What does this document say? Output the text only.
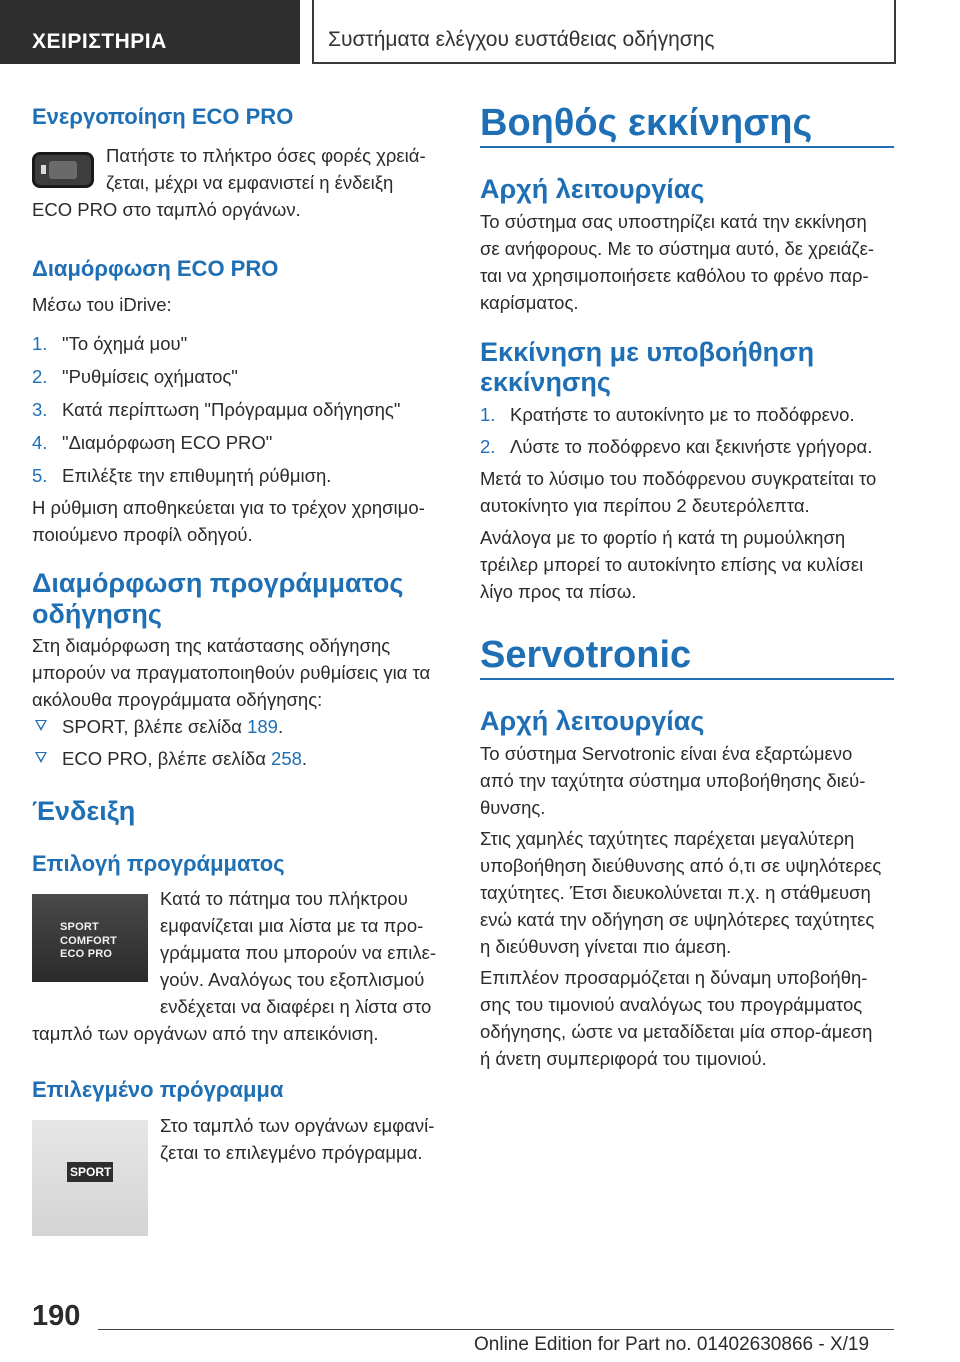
ΧΕΙΡΙΣΤΗΡΙΑ	Συστήματα ελέγχου ευστάθειας οδήγησης
Ενεργοποίηση ECO PRO
Πατήστε το πλήκτρο όσες φορές χρειά-
ζεται, μέχρι να εμφανιστεί η ένδειξη
ECO PRO στο ταμπλό οργάνων.
Διαμόρφωση ECO PRO
Μέσω του iDrive:
1. "Το όχημά μου"
2. "Ρυθμίσεις οχήματος"
3. Κατά περίπτωση "Πρόγραμμα οδήγησης"
4. "Διαμόρφωση ECO PRO"
5. Επιλέξτε την επιθυμητή ρύθμιση.
Η ρύθμιση αποθηκεύεται για το τρέχον χρησιμο-
ποιούμενο προφίλ οδηγού.
Διαμόρφωση προγράμματος
οδήγησης
Στη διαμόρφωση της κατάστασης οδήγησης
μπορούν να πραγματοποιηθούν ρυθμίσεις για τα
ακόλουθα προγράμματα οδήγησης:
SPORT, βλέπε σελίδα 189.
ECO PRO, βλέπε σελίδα 258.
Ένδειξη
Επιλογή προγράμματος
SPORT
COMFORT
ECO PRO
Κατά το πάτημα του πλήκτρου
εμφανίζεται μια λίστα με τα προ-
γράμματα που μπορούν να επιλε-
γούν. Αναλόγως του εξοπλισμού
ενδέχεται να διαφέρει η λίστα στο
ταμπλό των οργάνων από την απεικόνιση.
Επιλεγμένο πρόγραμμα
SPORT
Στο ταμπλό των οργάνων εμφανί-
ζεται το επιλεγμένο πρόγραμμα.
Βοηθός εκκίνησης
Αρχή λειτουργίας
Το σύστημα σας υποστηρίζει κατά την εκκίνηση
σε ανήφορους. Με το σύστημα αυτό, δε χρειάζε-
ται να χρησιμοποιήσετε καθόλου το φρένο παρ-
καρίσματος.
Εκκίνηση με υποβοήθηση
εκκίνησης
1. Κρατήστε το αυτοκίνητο με το ποδόφρενο.
2. Λύστε το ποδόφρενο και ξεκινήστε γρήγορα.
Μετά το λύσιμο του ποδόφρενου συγκρατείται το
αυτοκίνητο για περίπου 2 δευτερόλεπτα.
Ανάλογα με το φορτίο ή κατά τη ρυμούλκηση
τρέιλερ μπορεί το αυτοκίνητο επίσης να κυλίσει
λίγο προς τα πίσω.
Servotronic
Αρχή λειτουργίας
Το σύστημα Servotronic είναι ένα εξαρτώμενο
από την ταχύτητα σύστημα υποβοήθησης διεύ-
θυνσης.
Στις χαμηλές ταχύτητες παρέχεται μεγαλύτερη
υποβοήθηση διεύθυνσης από ό,τι σε υψηλότερες
ταχύτητες. Έτσι διευκολύνεται π.χ. η στάθμευση
ενώ κατά την οδήγηση σε υψηλότερες ταχύτητες
η διεύθυνση γίνεται πιο άμεση.
Επιπλέον προσαρμόζεται η δύναμη υποβοήθη-
σης του τιμονιού αναλόγως του προγράμματος
οδήγησης, ώστε να μεταδίδεται μία σπορ-άμεση
ή άνετη συμπεριφορά του τιμονιού.
190
Online Edition for Part no. 01402630866 - X/19
